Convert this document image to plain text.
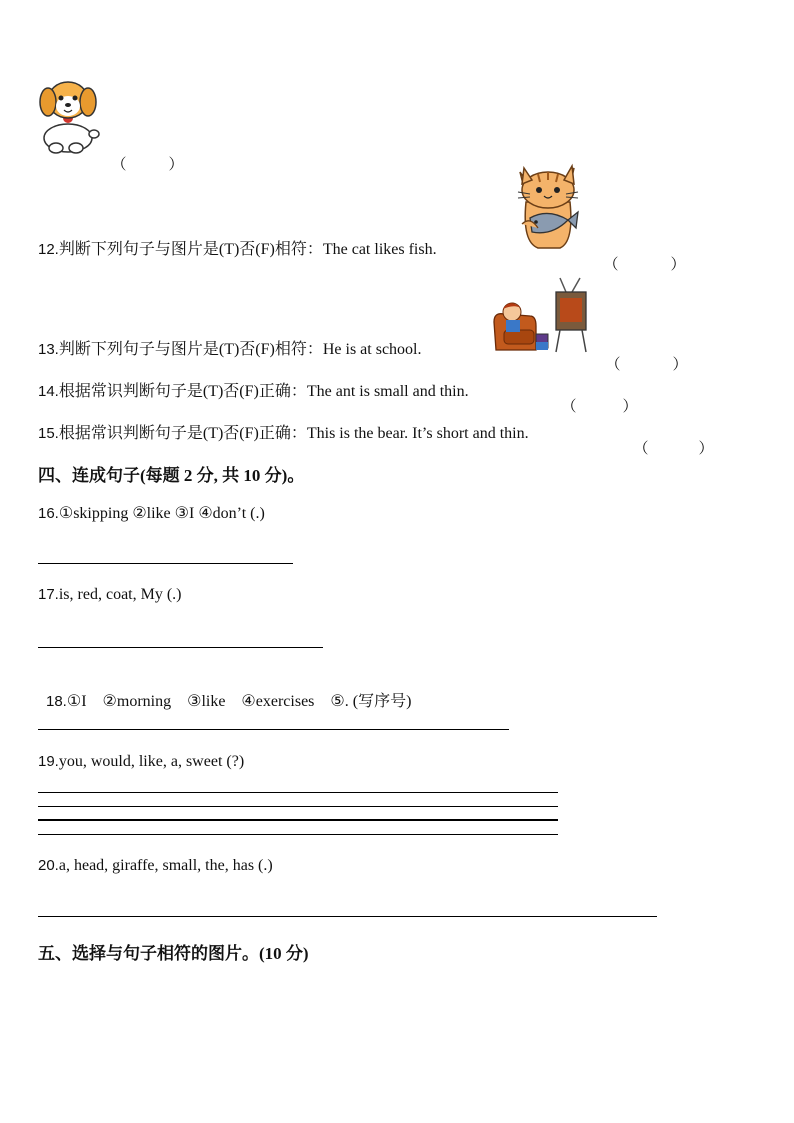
（	）

12.判断下列句子与图片是(T)否(F)相符：The cat likes fish.

（	）

13.判断下列句子与图片是(T)否(F)相符：He is at school.

（	）

14.根据常识判断句子是(T)否(F)正确：The ant is small and thin.

（	）

15.根据常识判断句子是(T)否(F)正确：This is the bear. It’s short and thin.

（	）

四、连成句子(每题 2 分, 共 10 分)。
16.①skipping ②like ③I ④don’t (.)
17.is, red, coat, My (.)

18.①I    ②morning    ③like    ④exercises    ⑤. (写序号)

19.you, would, like, a, sweet (?)
20.a, head, giraffe, small, the, has (.)
五、选择与句子相符的图片。(10 分)
